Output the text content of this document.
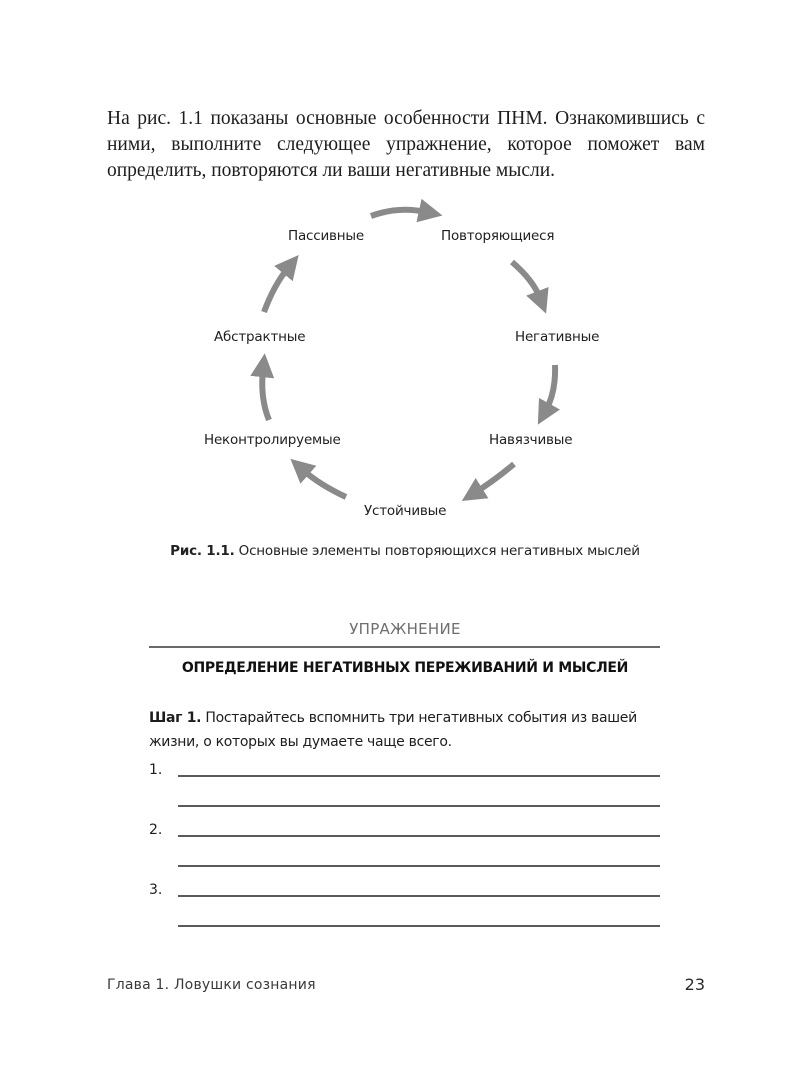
На рис. 1.1 показаны основные особенности ПНМ. Ознакомившись с ними, выполните следующее упражнение, которое поможет вам определить, повторяются ли ваши негативные мысли.

Пассивные	Повторяющиеся
Негативные
Навязчивые
Устойчивые
Неконтролируемые
Абстрактные
Рис. 1.1. Основные элементы повторяющихся негативных мыслей
УПРАЖНЕНИЕ
ОПРЕДЕЛЕНИЕ НЕГАТИВНЫХ ПЕРЕЖИВАНИЙ И МЫСЛЕЙ

Шаг 1. Постарайтесь вспомнить три негативных события из вашей жизни, о которых вы думаете чаще всего.

1.
2.
3.
Глава 1. Ловушки сознания	23
